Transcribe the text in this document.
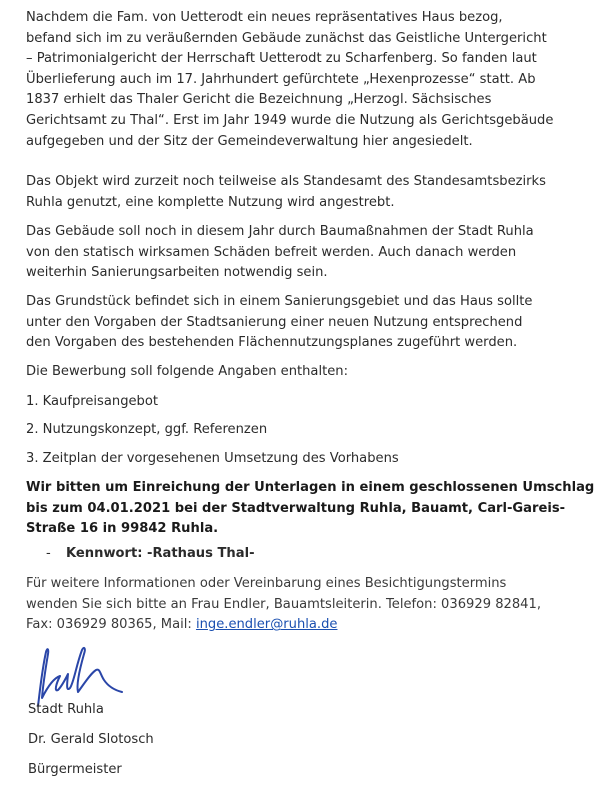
Nachdem die Fam. von Uetterodt ein neues repräsentatives Haus bezog,
befand sich im zu veräußernden Gebäude zunächst das Geistliche Untergericht
– Patrimonialgericht der Herrschaft Uetterodt zu Scharfenberg. So fanden laut
Überlieferung auch im 17. Jahrhundert gefürchtete „Hexenprozesse“ statt. Ab
1837 erhielt das Thaler Gericht die Bezeichnung „Herzogl. Sächsisches
Gerichtsamt zu Thal“. Erst im Jahr 1949 wurde die Nutzung als Gerichtsgebäude
aufgegeben und der Sitz der Gemeindeverwaltung hier angesiedelt.
Das Objekt wird zurzeit noch teilweise als Standesamt des Standesamtsbezirks
Ruhla genutzt, eine komplette Nutzung wird angestrebt.
Das Gebäude soll noch in diesem Jahr durch Baumaßnahmen der Stadt Ruhla
von den statisch wirksamen Schäden befreit werden. Auch danach werden
weiterhin Sanierungsarbeiten notwendig sein.
Das Grundstück befindet sich in einem Sanierungsgebiet und das Haus sollte
unter den Vorgaben der Stadtsanierung einer neuen Nutzung entsprechend
den Vorgaben des bestehenden Flächennutzungsplanes zugeführt werden.
Die Bewerbung soll folgende Angaben enthalten:
1. Kaufpreisangebot
2. Nutzungskonzept, ggf. Referenzen
3. Zeitplan der vorgesehenen Umsetzung des Vorhabens
Wir bitten um Einreichung der Unterlagen in einem geschlossenen Umschlag
bis zum 04.01.2021 bei der Stadtverwaltung Ruhla, Bauamt, Carl-Gareis-
Straße 16 in 99842 Ruhla.
- Kennwort: -Rathaus Thal-
Für weitere Informationen oder Vereinbarung eines Besichtigungstermins
wenden Sie sich bitte an Frau Endler, Bauamtsleiterin. Telefon: 036929 82841,
Fax: 036929 80365, Mail: inge.endler@ruhla.de
Stadt Ruhla
Dr. Gerald Slotosch
Bürgermeister
